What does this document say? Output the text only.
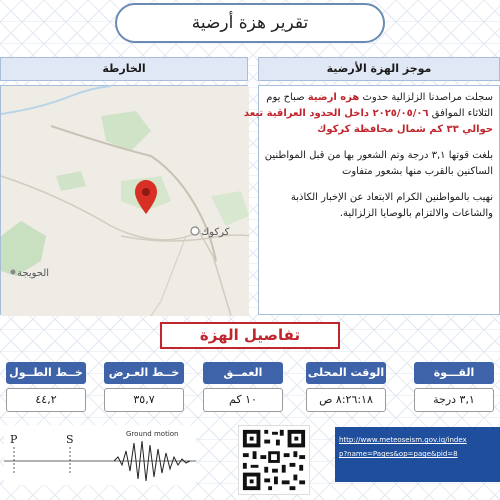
تقرير هزة أرضية
الخارطة	موجز الهزة الأرضية
كركوك
الحويجة
سجلت مراصدنا الزلزالية حدوث هزه ارضية صباح يوم
الثلاثاء الموافق ٢٠٢٥/٠٥/٠٦ داخل الحدود العراقية تبعد
حوالي ٣٣ كم شمال محافظة كركوك
بلغت قوتها ٣,١ درجة وتم الشعور بها من قبل المواطنين
الساكنين بالقرب منها بشعور متفاوت
نهيب بالمواطنين الكرام الابتعاد عن الإخبار الكاذبة
والشاعات والالتزام بالوصايا الزلزالية.
تفاصيل الهزة
القـــوة
٣,١ درجة
الوقت المحلى
٨:٢٦:١٨ ص
العمــق
١٠ كم
خــط العـرض
٣٥,٧
خــط الطــول
٤٤,٢
P	S	Ground motion
http://www.meteoseism.gov.iq/index
p?name=Pages&op=page&pid=8
